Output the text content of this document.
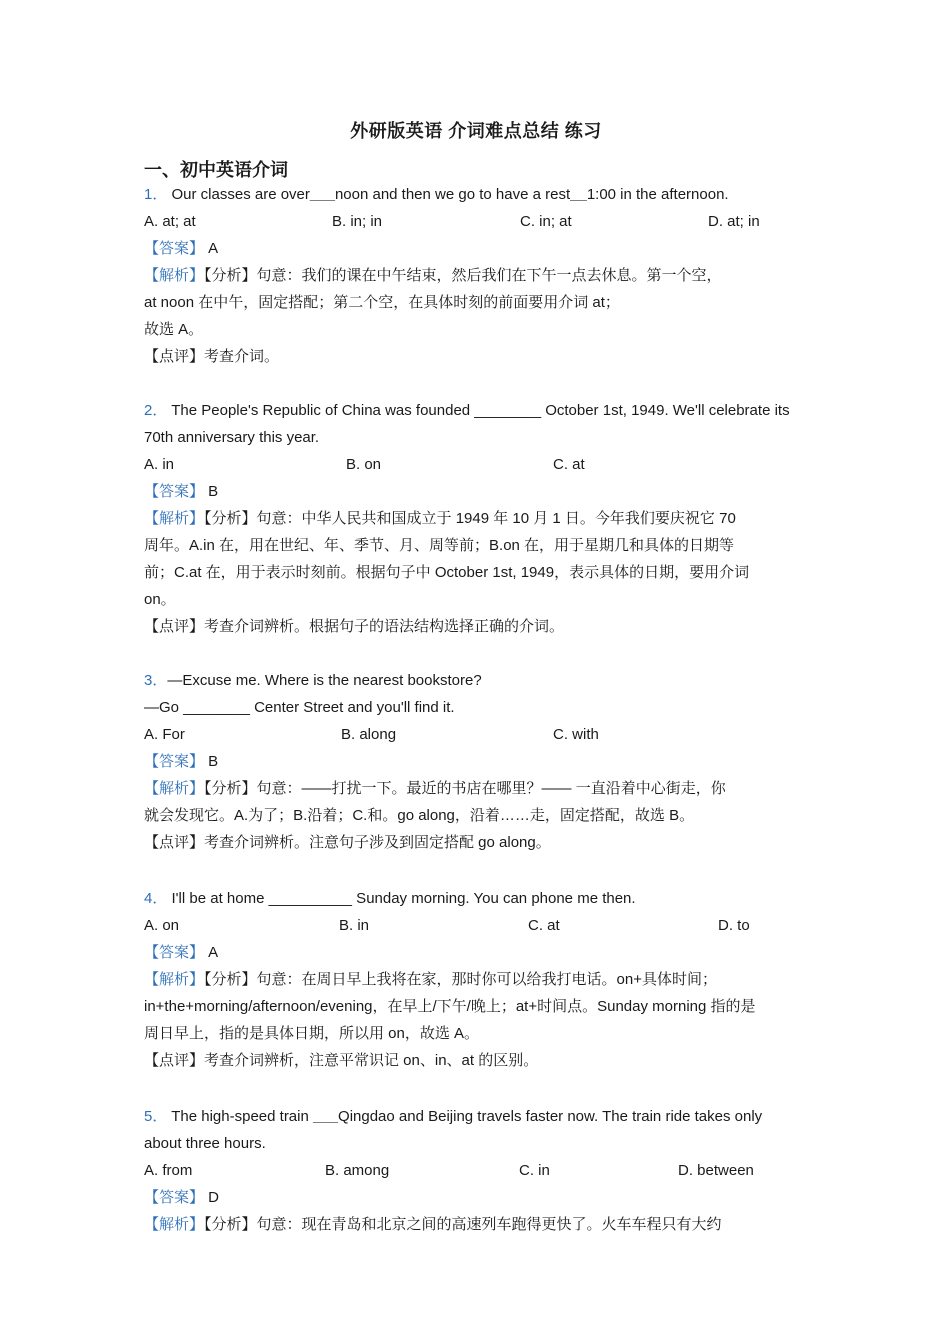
外研版英语 介词难点总结 练习
一、初中英语介词
1． Our classes are over___noon and then we go to have a rest__1:00 in the afternoon.
A. at; at	B. in; in	C. in; at	D. at; in
【答案】 A
【解析】【分析】句意：我们的课在中午结束，然后我们在下午一点去休息。第一个空，
at noon 在中午，固定搭配；第二个空，在具体时刻的前面要用介词 at；
故选 A。
【点评】考查介词。
2． The People's Republic of China was founded ________ October 1st, 1949. We'll celebrate its
70th anniversary this year.
A. in	B. on	C. at
【答案】 B
【解析】【分析】句意：中华人民共和国成立于 1949 年 10 月 1 日。今年我们要庆祝它 70
周年。A.in 在，用在世纪、年、季节、月、周等前；B.on 在，用于星期几和具体的日期等
前；C.at 在，用于表示时刻前。根据句子中 October 1st, 1949，表示具体的日期，要用介词
on。
【点评】考查介词辨析。根据句子的语法结构选择正确的介词。
3．—Excuse me. Where is the nearest bookstore?
—Go ________ Center Street and you'll find it.
A. For	B. along	C. with
【答案】 B
【解析】【分析】句意：——打扰一下。最近的书店在哪里？—— 一直沿着中心街走，你
就会发现它。A.为了；B.沿着；C.和。go along，沿着……走，固定搭配，故选 B。
【点评】考查介词辨析。注意句子涉及到固定搭配 go along。
4． I'll be at home __________ Sunday morning. You can phone me then.
A. on	B. in	C. at	D. to
【答案】 A
【解析】【分析】句意：在周日早上我将在家，那时你可以给我打电话。on+具体时间；
in+the+morning/afternoon/evening，在早上/下午/晚上；at+时间点。Sunday morning 指的是
周日早上，指的是具体日期，所以用 on，故选 A。
【点评】考查介词辨析，注意平常识记 on、in、at 的区别。
5． The high-speed train ___Qingdao and Beijing travels faster now. The train ride takes only
about three hours.
A. from	B. among	C. in	D. between
【答案】 D
【解析】【分析】句意：现在青岛和北京之间的高速列车跑得更快了。火车车程只有大约
